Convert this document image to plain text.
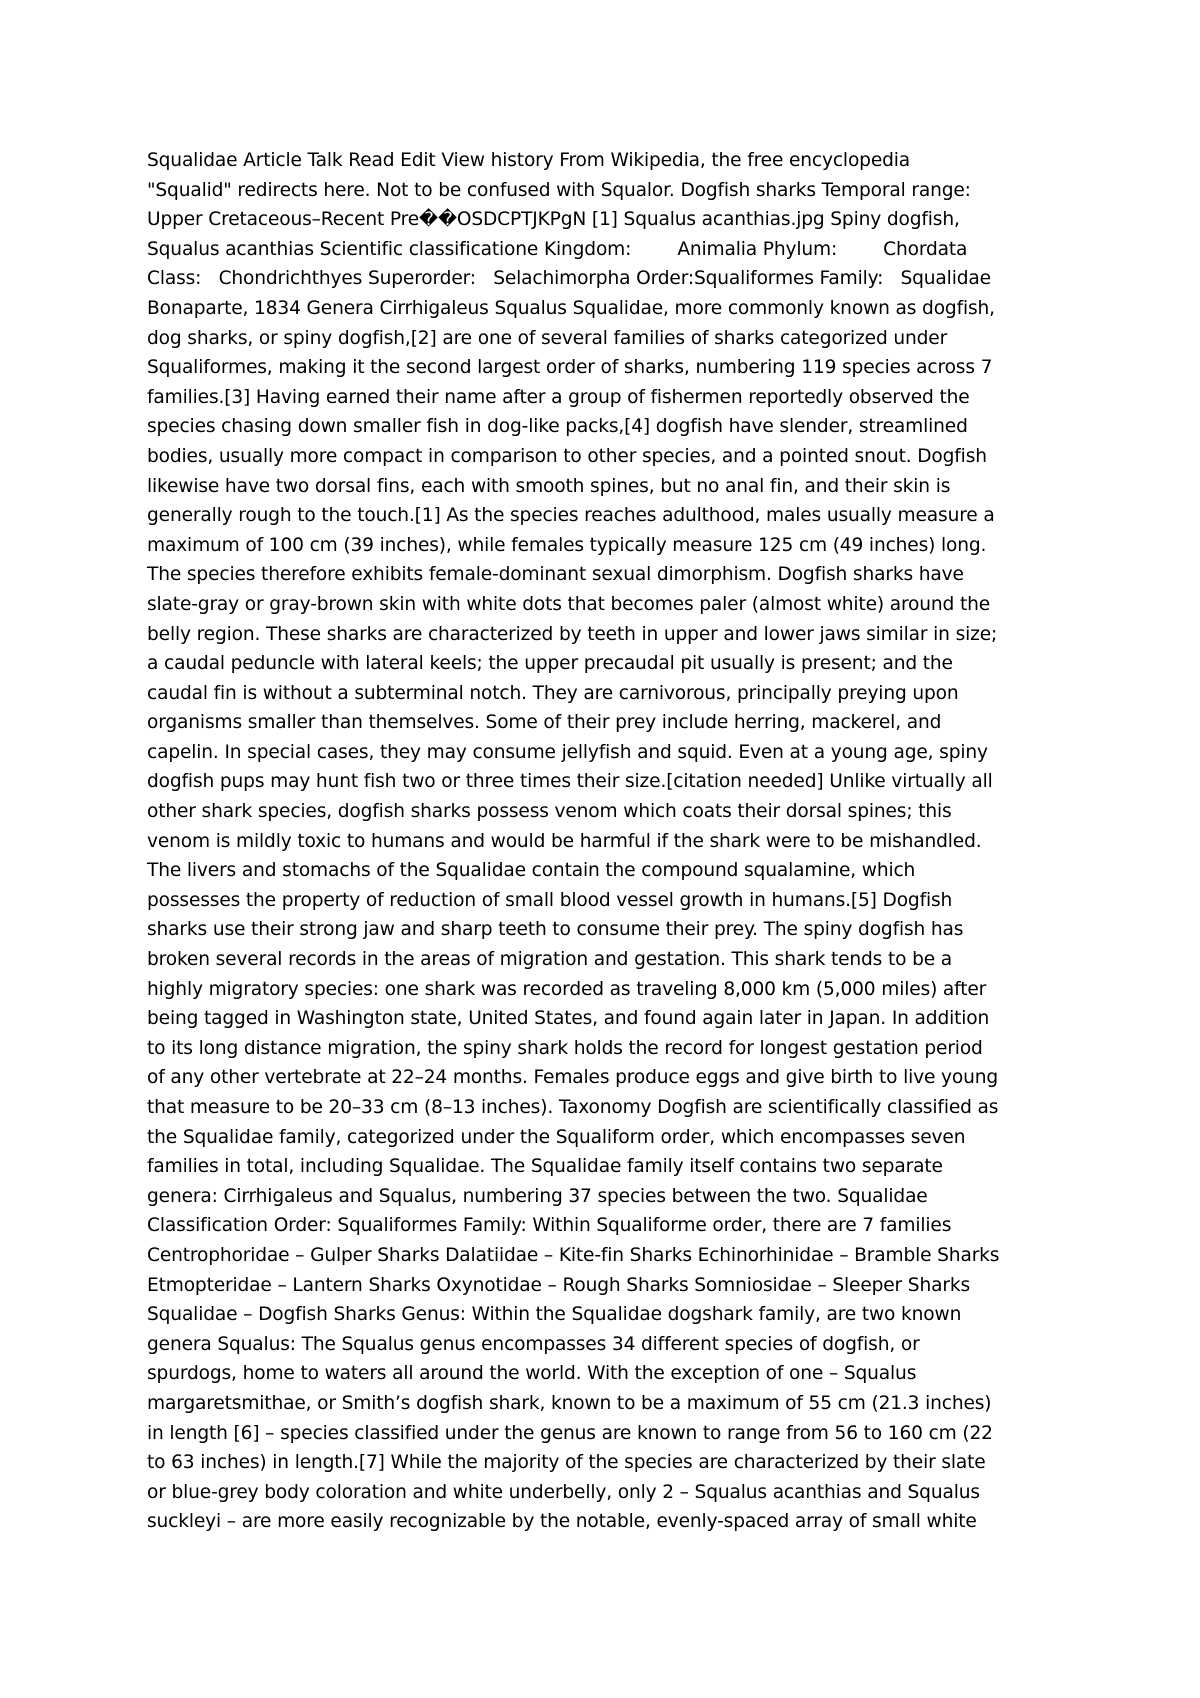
Squalidae Article Talk Read Edit View history From Wikipedia, the free encyclopedia
"Squalid" redirects here. Not to be confused with Squalor. Dogfish sharks Temporal range:
Upper Cretaceous–Recent Pre��OSDCPTJKPgN [1] Squalus acanthias.jpg Spiny dogfish,
Squalus acanthias Scientific classificatione Kingdom:        Animalia Phylum:        Chordata
Class:   Chondrichthyes Superorder:   Selachimorpha Order:Squaliformes Family:   Squalidae
Bonaparte, 1834 Genera Cirrhigaleus Squalus Squalidae, more commonly known as dogfish,
dog sharks, or spiny dogfish,[2] are one of several families of sharks categorized under
Squaliformes, making it the second largest order of sharks, numbering 119 species across 7
families.[3] Having earned their name after a group of fishermen reportedly observed the
species chasing down smaller fish in dog-like packs,[4] dogfish have slender, streamlined
bodies, usually more compact in comparison to other species, and a pointed snout. Dogfish
likewise have two dorsal fins, each with smooth spines, but no anal fin, and their skin is
generally rough to the touch.[1] As the species reaches adulthood, males usually measure a
maximum of 100 cm (39 inches), while females typically measure 125 cm (49 inches) long.
The species therefore exhibits female-dominant sexual dimorphism. Dogfish sharks have
slate-gray or gray-brown skin with white dots that becomes paler (almost white) around the
belly region. These sharks are characterized by teeth in upper and lower jaws similar in size;
a caudal peduncle with lateral keels; the upper precaudal pit usually is present; and the
caudal fin is without a subterminal notch. They are carnivorous, principally preying upon
organisms smaller than themselves. Some of their prey include herring, mackerel, and
capelin. In special cases, they may consume jellyfish and squid. Even at a young age, spiny
dogfish pups may hunt fish two or three times their size.[citation needed] Unlike virtually all
other shark species, dogfish sharks possess venom which coats their dorsal spines; this
venom is mildly toxic to humans and would be harmful if the shark were to be mishandled.
The livers and stomachs of the Squalidae contain the compound squalamine, which
possesses the property of reduction of small blood vessel growth in humans.[5] Dogfish
sharks use their strong jaw and sharp teeth to consume their prey. The spiny dogfish has
broken several records in the areas of migration and gestation. This shark tends to be a
highly migratory species: one shark was recorded as traveling 8,000 km (5,000 miles) after
being tagged in Washington state, United States, and found again later in Japan. In addition
to its long distance migration, the spiny shark holds the record for longest gestation period
of any other vertebrate at 22–24 months. Females produce eggs and give birth to live young
that measure to be 20–33 cm (8–13 inches). Taxonomy Dogfish are scientifically classified as
the Squalidae family, categorized under the Squaliform order, which encompasses seven
families in total, including Squalidae. The Squalidae family itself contains two separate
genera: Cirrhigaleus and Squalus, numbering 37 species between the two. Squalidae
Classification Order: Squaliformes Family: Within Squaliforme order, there are 7 families
Centrophoridae – Gulper Sharks Dalatiidae – Kite-fin Sharks Echinorhinidae – Bramble Sharks
Etmopteridae – Lantern Sharks Oxynotidae – Rough Sharks Somniosidae – Sleeper Sharks
Squalidae – Dogfish Sharks Genus: Within the Squalidae dogshark family, are two known
genera Squalus: The Squalus genus encompasses 34 different species of dogfish, or
spurdogs, home to waters all around the world. With the exception of one – Squalus
margaretsmithae, or Smith’s dogfish shark, known to be a maximum of 55 cm (21.3 inches)
in length [6] – species classified under the genus are known to range from 56 to 160 cm (22
to 63 inches) in length.[7] While the majority of the species are characterized by their slate
or blue-grey body coloration and white underbelly, only 2 – Squalus acanthias and Squalus
suckleyi – are more easily recognizable by the notable, evenly-spaced array of small white
